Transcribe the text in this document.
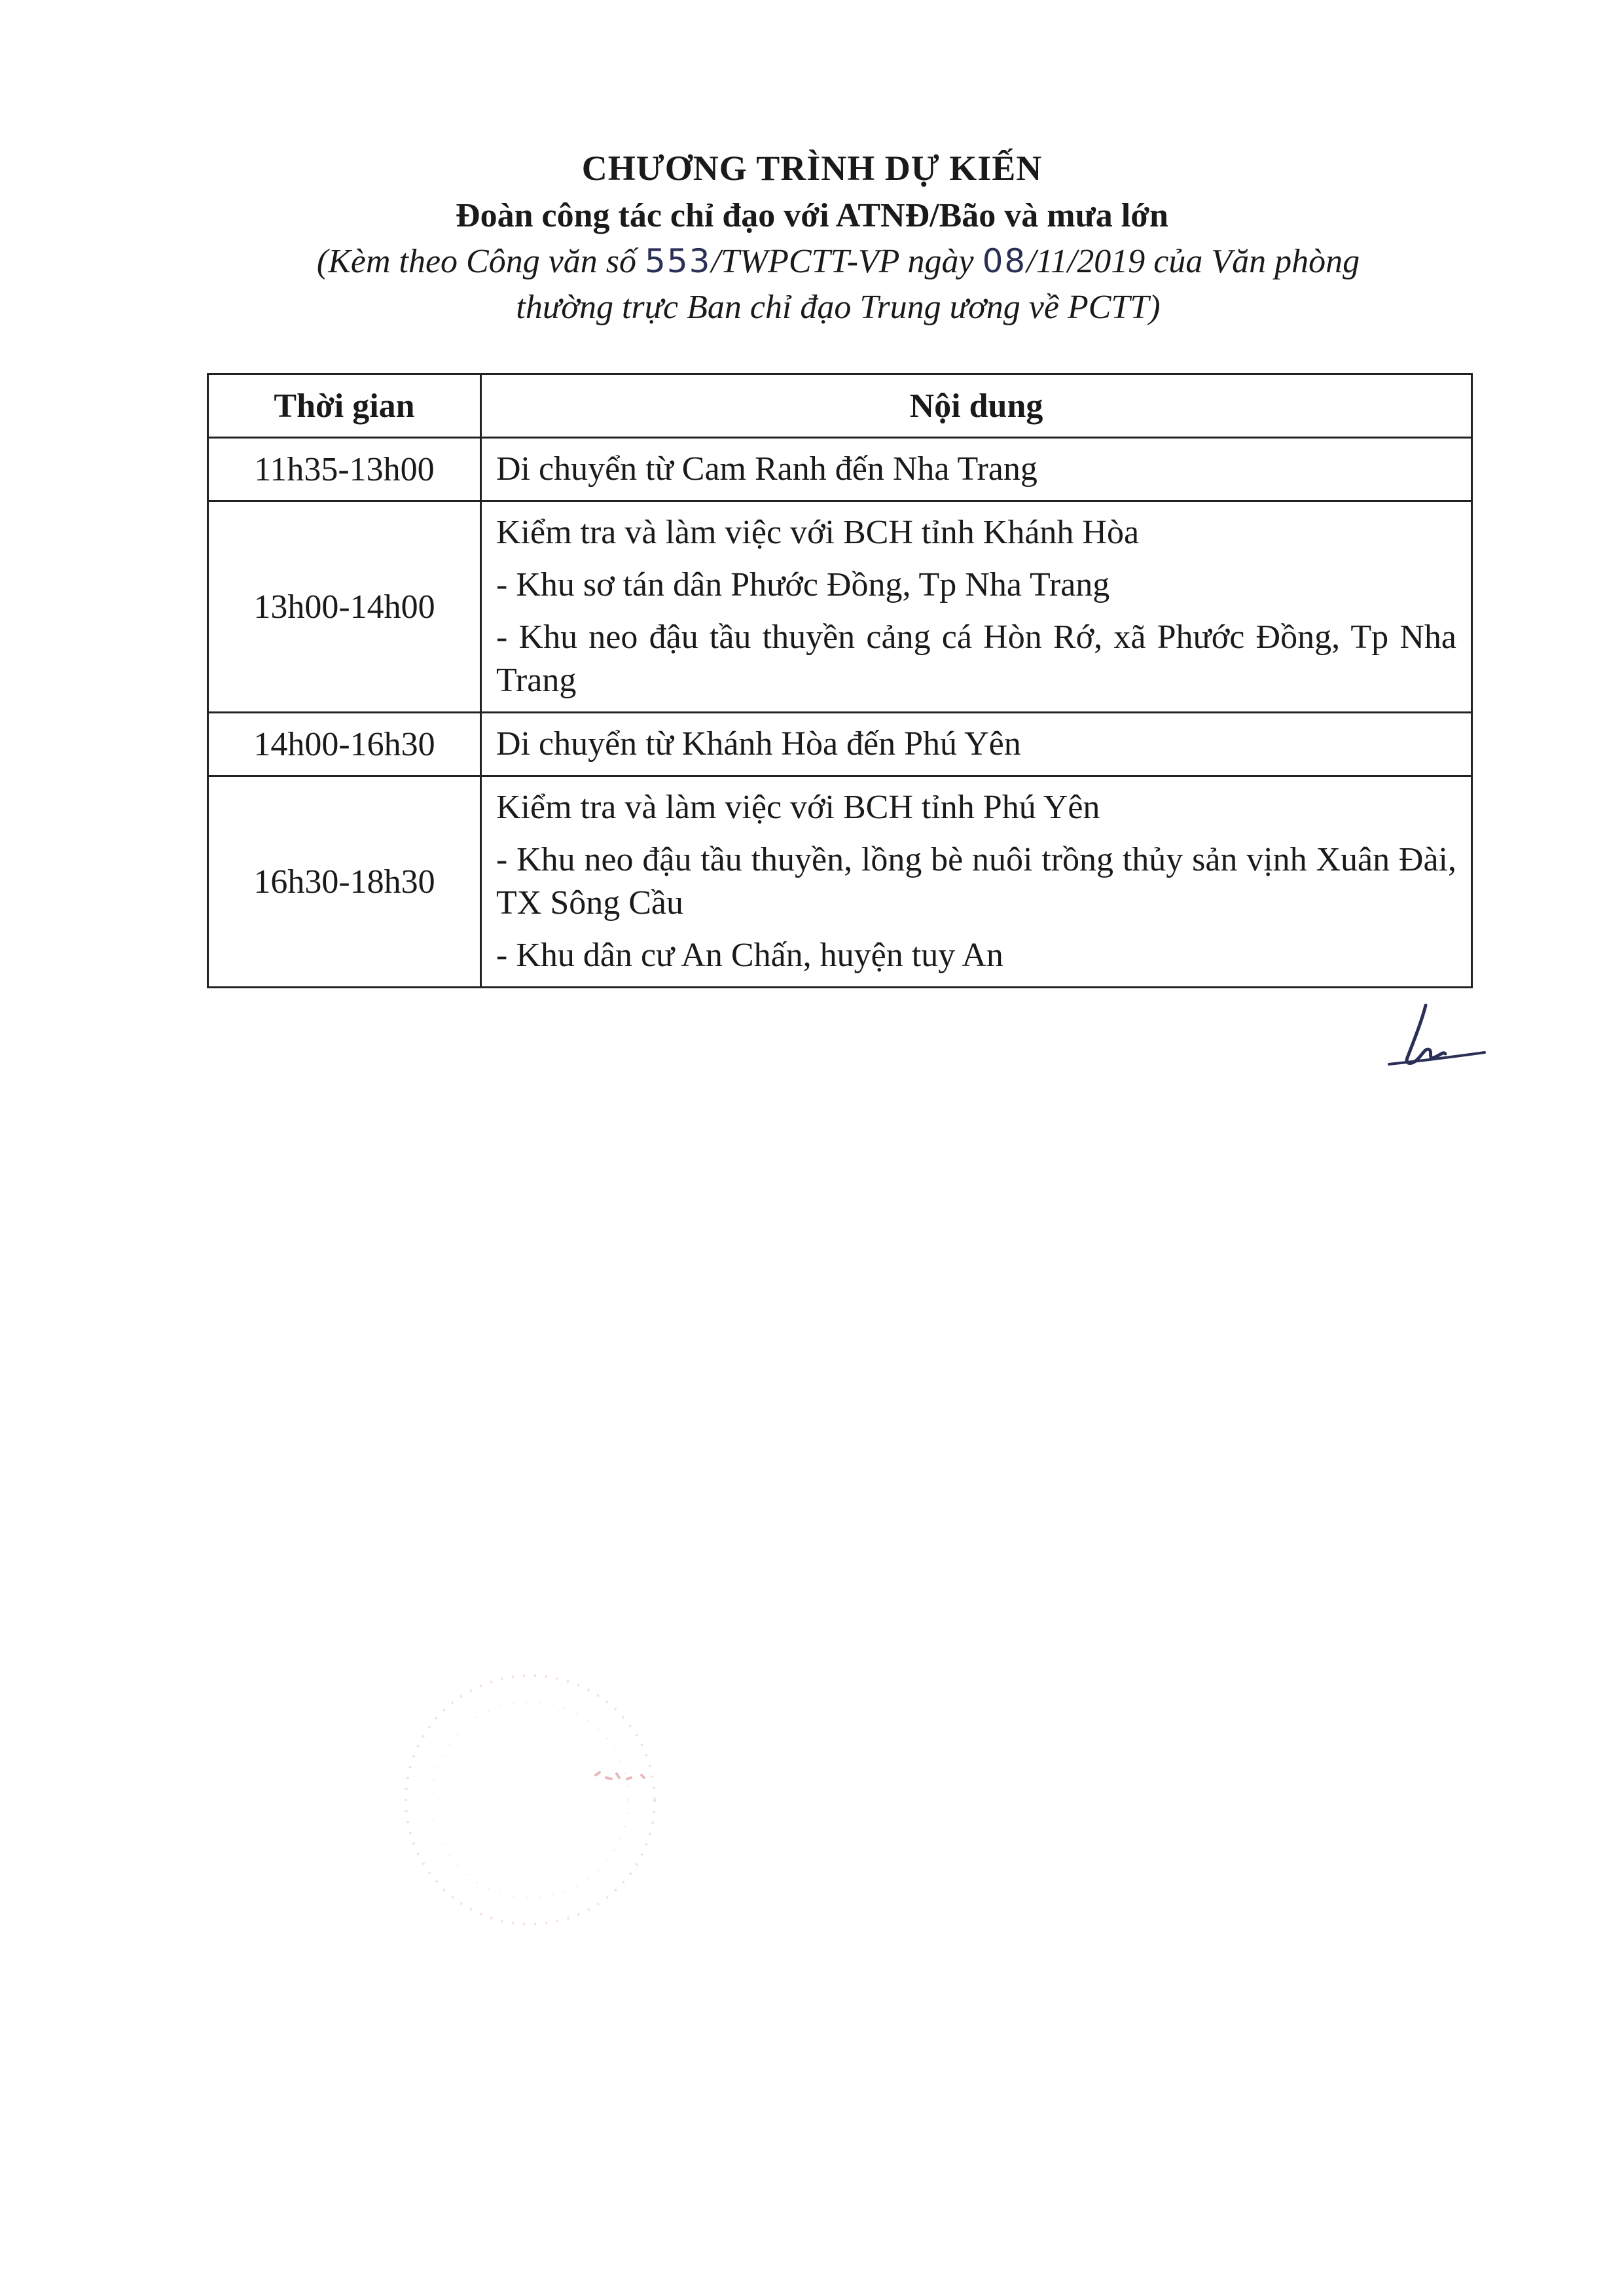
CHƯƠNG TRÌNH DỰ KIẾN
Đoàn công tác chỉ đạo với ATNĐ/Bão và mưa lớn
(Kèm theo Công văn số 553/TWPCTT-VP ngày 08/11/2019 của Văn phòng
thường trực Ban chỉ đạo Trung ương về PCTT)
Thời gian	Nội dung
11h35-13h00	Di chuyển từ Cam Ranh đến Nha Trang

13h00-14h00	Kiểm tra và làm việc với BCH tỉnh Khánh Hòa
- Khu sơ tán dân Phước Đồng, Tp Nha Trang
- Khu neo đậu tầu thuyền cảng cá Hòn Rớ, xã Phước Đồng, Tp Nha Trang

14h00-16h30	Di chuyển từ Khánh Hòa đến Phú Yên

16h30-18h30	Kiểm tra và làm việc với BCH tỉnh Phú Yên
- Khu neo đậu tầu thuyền, lồng bè nuôi trồng thủy sản vịnh Xuân Đài, TX Sông Cầu
- Khu dân cư An Chấn, huyện tuy An
